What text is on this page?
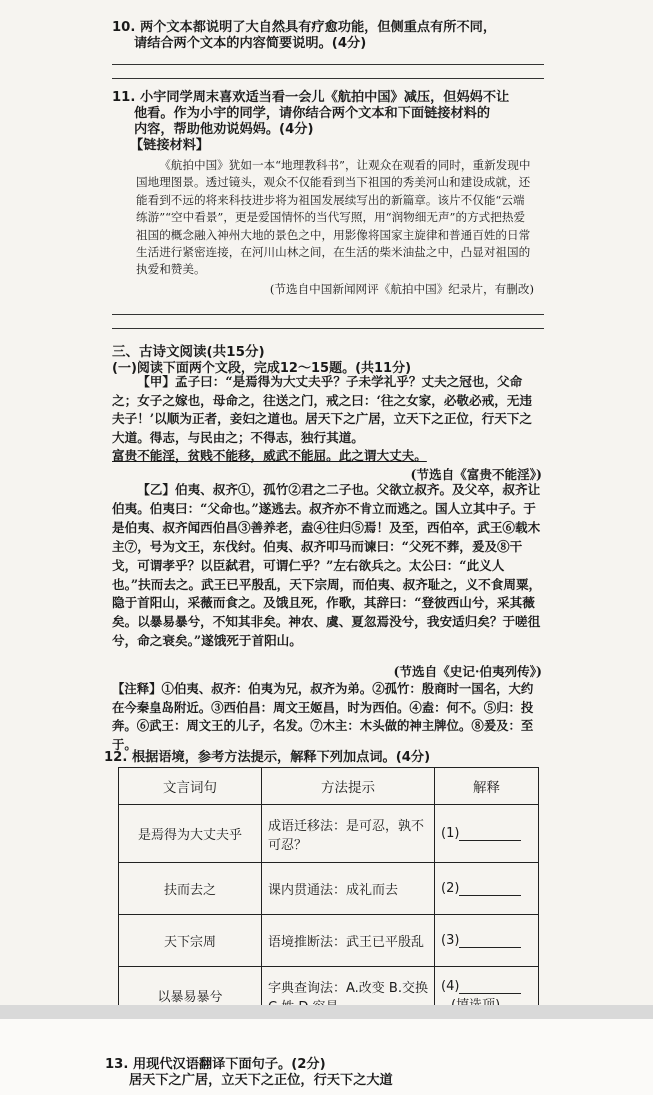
10. 两个文本都说明了大自然具有疗愈功能，但侧重点有所不同，
请结合两个文本的内容简要说明。(4分)
11. 小宇同学周末喜欢适当看一会儿《航拍中国》减压，但妈妈不让
他看。作为小宇的同学，请你结合两个文本和下面链接材料的
内容，帮助他劝说妈妈。(4分)
【链接材料】

《航拍中国》犹如一本“地理教科书”，让观众在观看的同时，重新发现中国地理图景。透过镜头，观众不仅能看到当下祖国的秀美河山和建设成就，还能看到不远的将来科技进步将为祖国发展续写出的新篇章。该片不仅能“云端练游”“空中看景”，更是爱国情怀的当代写照，用“润物细无声”的方式把热爱祖国的概念融入神州大地的景色之中，用影像将国家主旋律和普通百姓的日常生活进行紧密连接，在河川山林之间，在生活的柴米油盐之中，凸显对祖国的执爱和赞美。

(节选自中国新闻网评《航拍中国》纪录片，有删改)

三、古诗文阅读(共15分)
(一)阅读下面两个文段，完成12～15题。(共11分)

【甲】孟子曰：“是焉得为大丈夫乎？子未学礼乎？丈夫之冠也，父命之；女子之嫁也，母命之，往送之门，戒之曰：‘往之女家，必敬必戒，无违夫子！’以顺为正者，妾妇之道也。居天下之广居，立天下之正位，行天下之大道。得志，与民由之；不得志，独行其道。

富贵不能淫，贫贱不能移，威武不能屈。此之谓大丈夫。
(节选自《富贵不能淫》)

【乙】伯夷、叔齐①，孤竹②君之二子也。父欲立叔齐。及父卒，叔齐让伯夷。伯夷曰：“父命也。”遂逃去。叔齐亦不肯立而逃之。国人立其中子。于是伯夷、叔齐闻西伯昌③善养老，盍④往归⑤焉！及至，西伯卒，武王⑥载木主⑦，号为文王，东伐纣。伯夷、叔齐叩马而谏曰：“父死不葬，爰及⑧干戈，可谓孝乎？以臣弑君，可谓仁乎？”左右欲兵之。太公曰：“此义人也。”扶而去之。武王已平殷乱，天下宗周，而伯夷、叔齐耻之，义不食周粟，隐于首阳山，采薇而食之。及饿且死，作歌，其辞曰：“登彼西山兮，采其薇矣。以暴易暴兮，不知其非矣。神农、虞、夏忽焉没兮，我安适归矣？于嗟徂兮，命之衰矣。”遂饿死于首阳山。

(节选自《史记·伯夷列传》)
【注释】①伯夷、叔齐：伯夷为兄，叔齐为弟。②孤竹：殷商时一国名，大约在今秦皇岛附近。③西伯昌：周文王姬昌，时为西伯。④盍：何不。⑤归：投奔。⑥武王：周文王的儿子，名发。⑦木主：木头做的神主牌位。⑧爰及：至于。
12. 根据语境，参考方法提示，解释下列加点词。(4分)
文言词句	方法提示	解释
是焉得为大丈夫乎	成语迁移法：是可忍，孰不可忍？	(1)
扶而去之	课内贯通法：成礼而去	(2)
天下宗周	语境推断法：武王已平殷乱	(3)
以暴易暴兮	字典查询法：A.改变 B.交换	(4)

13. 用现代汉语翻译下面句子。(2分)
居天下之广居，立天下之正位，行天下之大道
